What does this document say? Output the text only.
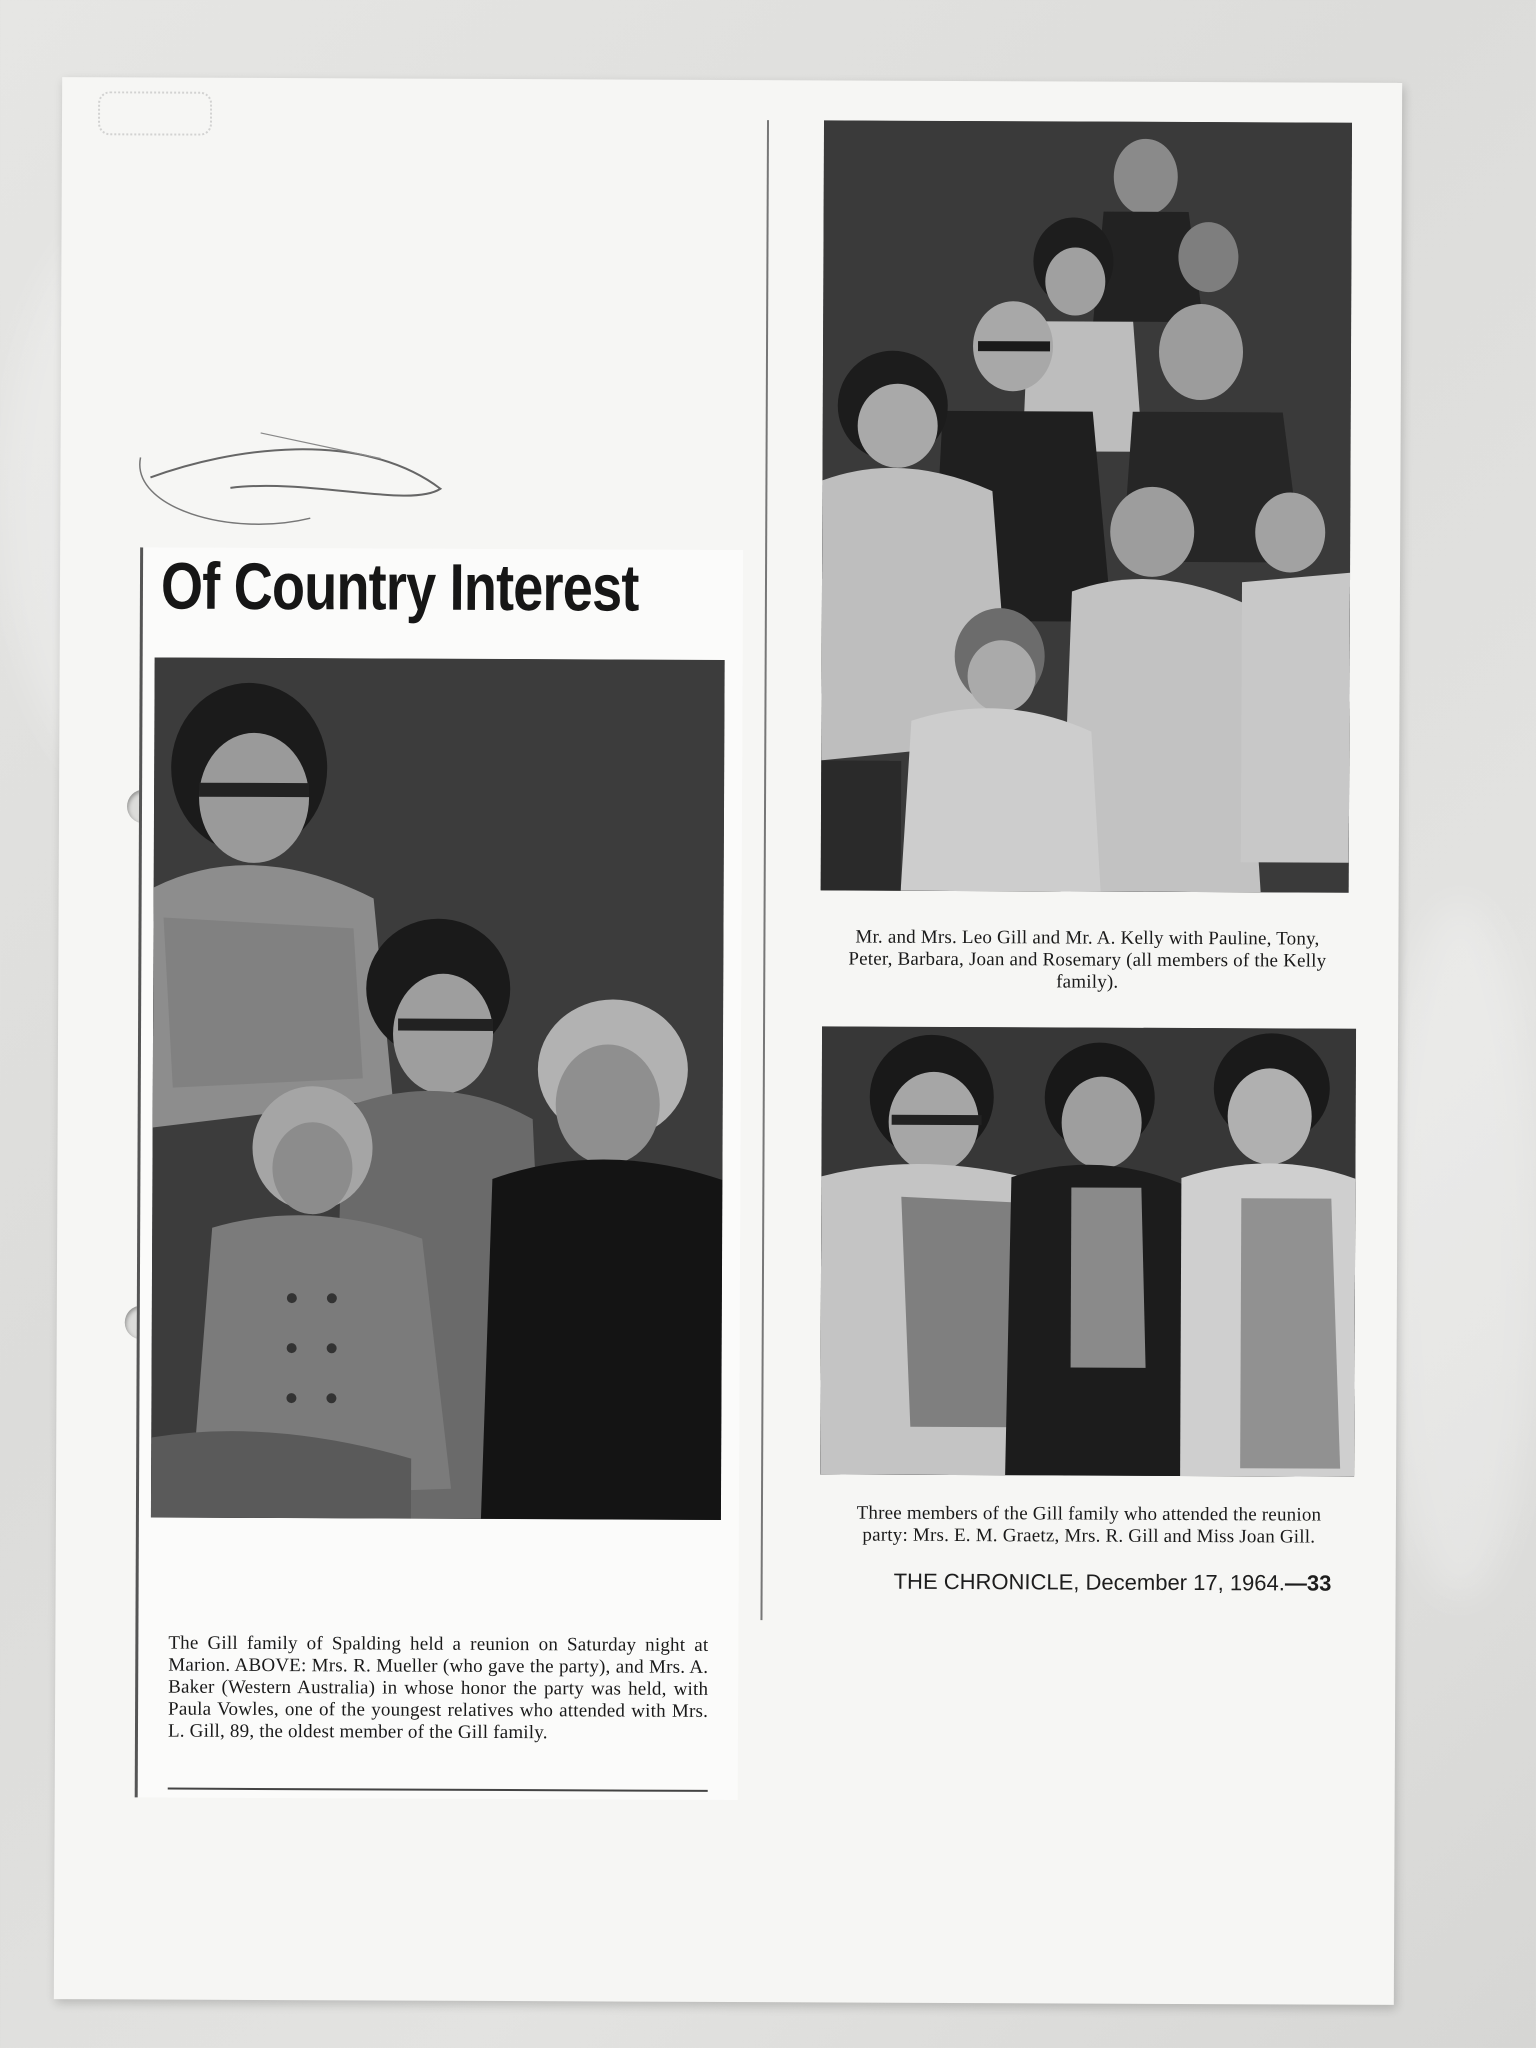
Of Country Interest
The Gill family of Spalding held a reunion on Saturday night at Marion. ABOVE: Mrs. R. Mueller (who gave the party), and Mrs. A. Baker (Western Australia) in whose honor the party was held, with Paula Vowles, one of the youngest relatives who attended with Mrs. L. Gill, 89, the oldest member of the Gill family.
Mr. and Mrs. Leo Gill and Mr. A. Kelly with Pauline, Tony, Peter, Barbara, Joan and Rosemary (all members of the Kelly family).
Three members of the Gill family who attended the reunion party: Mrs. E. M. Graetz, Mrs. R. Gill and Miss Joan Gill.
THE CHRONICLE, December 17, 1964.—33
